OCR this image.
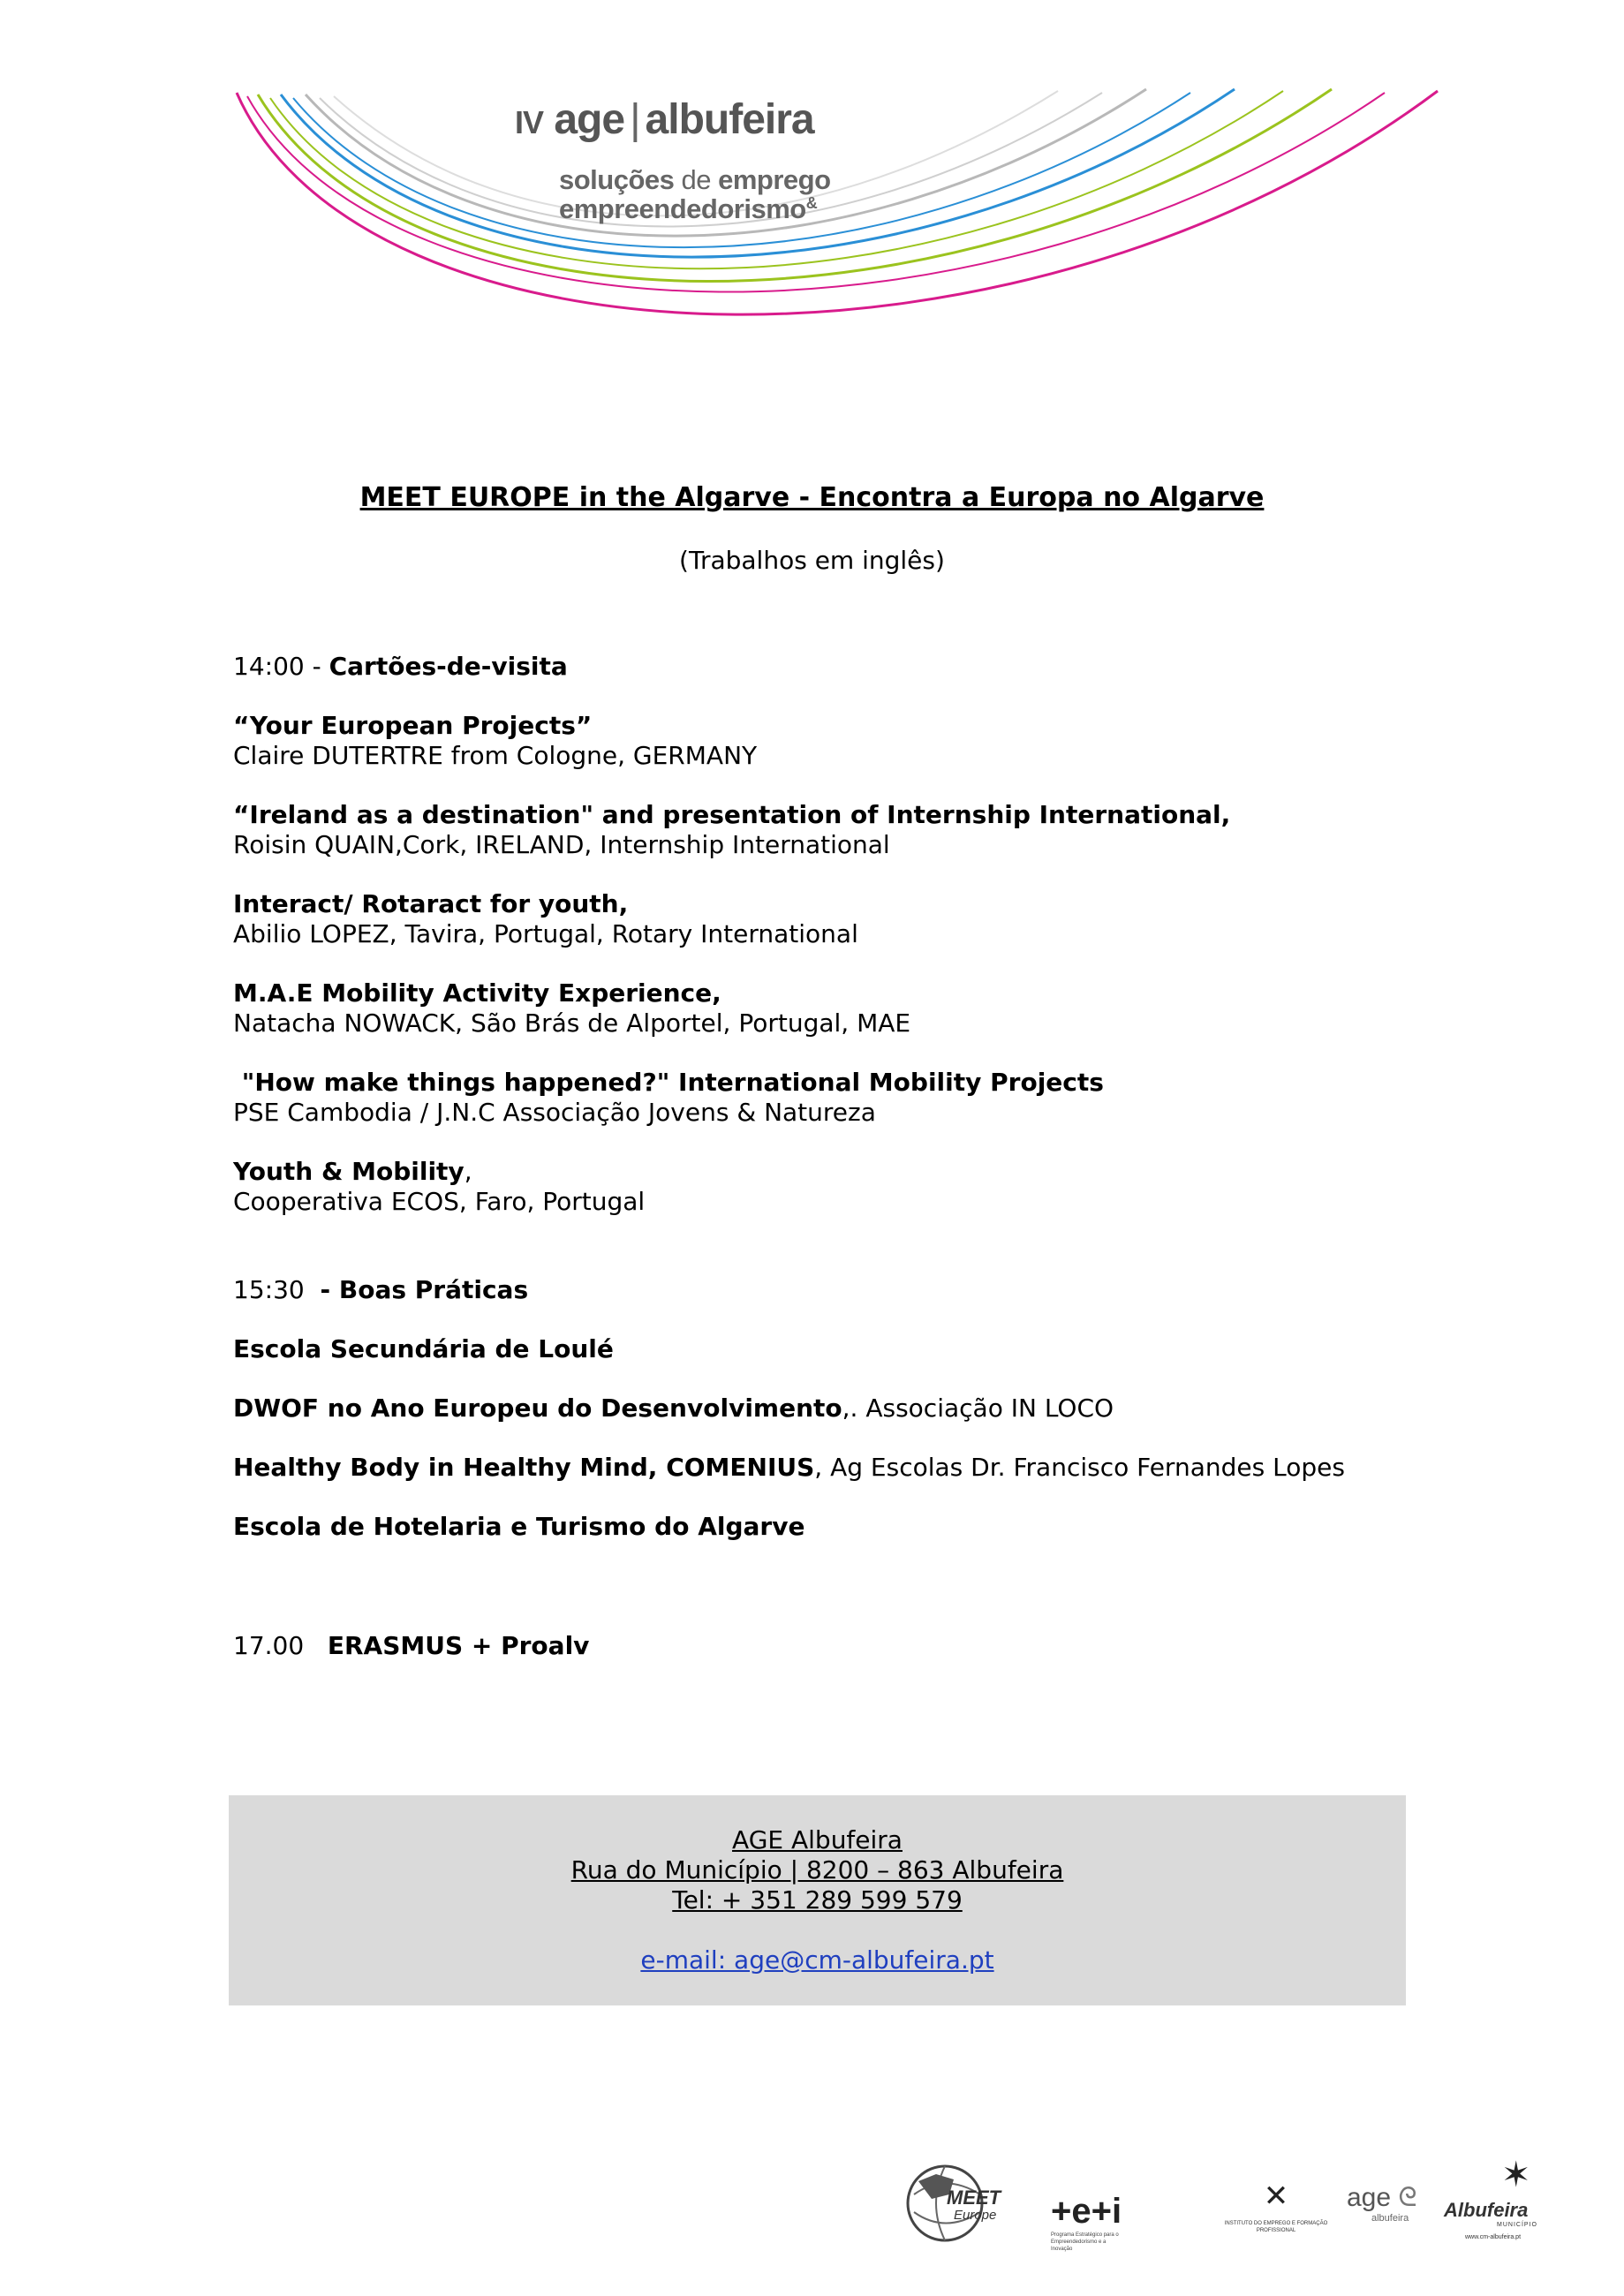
IV age | albufeira
soluções de emprego
empreendedorismo&
MEET EUROPE in the Algarve - Encontra a Europa no Algarve
(Trabalhos em inglês)
14:00 - Cartões-de-visita
“Your European Projects”
Claire DUTERTRE from Cologne, GERMANY
“Ireland as a destination" and presentation of Internship International,
Roisin QUAIN,Cork, IRELAND, Internship International
Interact/ Rotaract for youth,
Abilio LOPEZ, Tavira, Portugal, Rotary International
M.A.E Mobility Activity Experience,
Natacha NOWACK, São Brás de Alportel, Portugal, MAE
"How make things happened?" International Mobility Projects
PSE Cambodia / J.N.C Associação Jovens & Natureza
Youth & Mobility,
Cooperativa ECOS, Faro, Portugal
15:30  - Boas Práticas
Escola Secundária de Loulé
DWOF no Ano Europeu do Desenvolvimento,. Associação IN LOCO
Healthy Body in Healthy Mind, COMENIUS, Ag Escolas Dr. Francisco Fernandes Lopes
Escola de Hotelaria e Turismo do Algarve
17.00   ERASMUS + Proalv
AGE Albufeira
Rua do Município | 8200 – 863 Albufeira
Tel: + 351 289 599 579
e-mail: age@cm-albufeira.pt
MEET
Europe +e+i Programa Estratégico para o Empreendedorismo e a Inovação
✕
INSTITUTO DO EMPREGO E FORMAÇÃO PROFISSIONAL
age ᘓ
albufeira
✶
Albufeira
MUNICÍPIO
www.cm-albufeira.pt
